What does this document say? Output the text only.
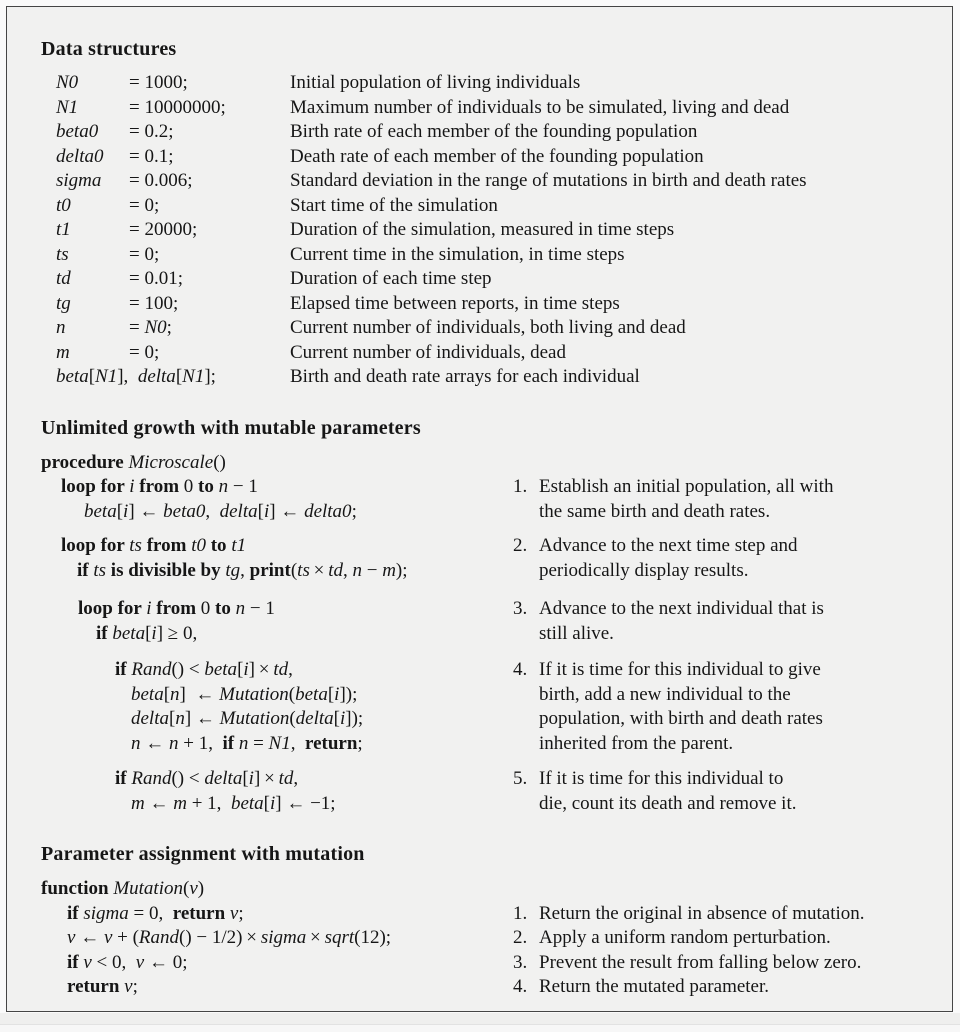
Data structures
N0	= 1000;	Initial population of living individuals
N1	= 10000000;	Maximum number of individuals to be simulated, living and dead
beta0	= 0.2;	Birth rate of each member of the founding population
delta0	= 0.1;	Death rate of each member of the founding population
sigma	= 0.006;	Standard deviation in the range of mutations in birth and death rates
t0	= 0;	Start time of the simulation
t1	= 20000;	Duration of the simulation, measured in time steps
ts	= 0;	Current time in the simulation, in time steps
td	= 0.01;	Duration of each time step
tg	= 100;	Elapsed time between reports, in time steps
n	= N0;	Current number of individuals, both living and dead
m	= 0;	Current number of individuals, dead
beta[N1],  delta[N1];	Birth and death rate arrays for each individual
Unlimited growth with mutable parameters
procedure Microscale()
loop for i from 0 to n − 1
beta[i] ← beta0,  delta[i] ← delta0;
1. Establish an initial population, all with
the same birth and death rates.
loop for ts from t0 to t1
if ts is divisible by tg, print(ts × td, n − m);
2. Advance to the next time step and
periodically display results.
loop for i from 0 to n − 1
if beta[i] ≥ 0,
3. Advance to the next individual that is
still alive.
if Rand() < beta[i] × td,
beta[n]  ← Mutation(beta[i]);
delta[n] ← Mutation(delta[i]);
n ← n + 1,  if n = N1,  return;
4. If it is time for this individual to give
birth, add a new individual to the
population, with birth and death rates
inherited from the parent.
if Rand() < delta[i] × td,
m ← m + 1,  beta[i] ← −1;
5. If it is time for this individual to
die, count its death and remove it.
Parameter assignment with mutation
function Mutation(v)
if sigma = 0,  return v;	1. Return the original in absence of mutation.
v ← v + (Rand() − 1/2) × sigma × sqrt(12);	2. Apply a uniform random perturbation.
if v < 0,  v ← 0;	3. Prevent the result from falling below zero.
return v;	4. Return the mutated parameter.
